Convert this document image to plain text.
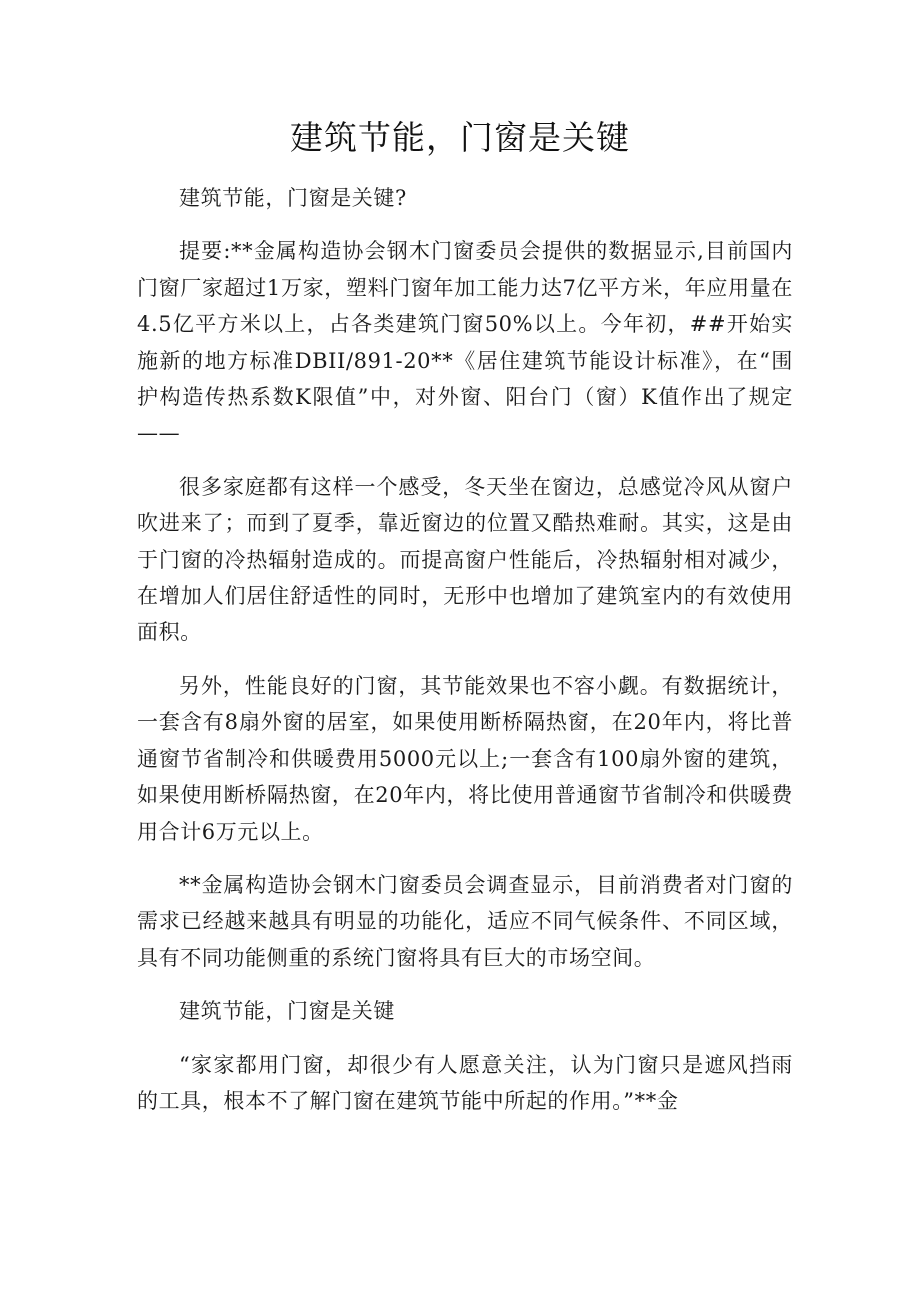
建筑节能，门窗是关键

建筑节能，门窗是关键?

提要:**金属构造协会钢木门窗委员会提供的数据显示,目前国内门窗厂家超过1万家，塑料门窗年加工能力达7亿平方米，年应用量在4.5亿平方米以上，占各类建筑门窗50%以上。今年初，##开始实施新的地方标准DBII/891-20**《居住建筑节能设计标准》，在“围护构造传热系数K限值”中，对外窗、阳台门（窗）K值作出了规定——

很多家庭都有这样一个感受，冬天坐在窗边，总感觉冷风从窗户吹进来了；而到了夏季，靠近窗边的位置又酷热难耐。其实，这是由于门窗的冷热辐射造成的。而提高窗户性能后，冷热辐射相对减少，在增加人们居住舒适性的同时，无形中也增加了建筑室内的有效使用面积。

另外，性能良好的门窗，其节能效果也不容小觑。有数据统计，一套含有8扇外窗的居室，如果使用断桥隔热窗，在20年内，将比普通窗节省制冷和供暖费用5000元以上;一套含有100扇外窗的建筑，如果使用断桥隔热窗，在20年内，将比使用普通窗节省制冷和供暖费用合计6万元以上。

**金属构造协会钢木门窗委员会调查显示，目前消费者对门窗的需求已经越来越具有明显的功能化，适应不同气候条件、不同区域，具有不同功能侧重的系统门窗将具有巨大的市场空间。

建筑节能，门窗是关键

“家家都用门窗，却很少有人愿意关注，认为门窗只是遮风挡雨的工具，根本不了解门窗在建筑节能中所起的作用。”**金
